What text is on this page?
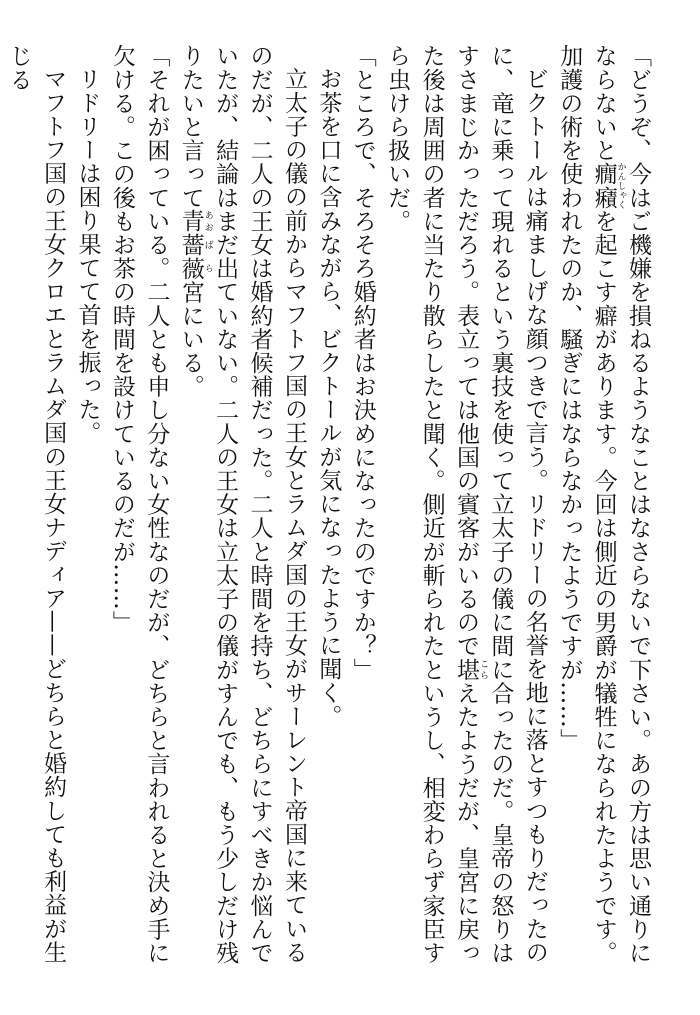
「どうぞ、今はご機嫌を損ねるようなことはなさらないで下さい。あの方は思い通りにならないと癇癪 かんしゃくを起こす癖があります。今回は側近の男爵が犠牲になられたようです。加護の術を使われたのか、騒ぎにはならなかったようですが……」

ビクトールは痛ましげな顔つきで言う。リドリーの名誉を地に落とすつもりだったのに、竜に乗って現れるという裏技を使って立太子の儀に間に合ったのだ。皇帝の怒りはすさまじかっただろう。表立っては他国の賓客がいるので堪 こらえたようだが、皇宮に戻った後は周囲の者に当たり散らしたと聞く。側近が斬られたというし、相変わらず家臣すら虫けら扱いだ。

「ところで、そろそろ婚約者はお決めになったのですか？」

お茶を口に含みながら、ビクトールが気になったように聞く。

立太子の儀の前からマフトフ国の王女とラムダ国の王女がサーレント帝国に来ているのだが、二人の王女は婚約者候補だった。二人と時間を持ち、どちらにすべきか悩んでいたが、結論はまだ出ていない。二人の王女は立太子の儀がすんでも、もう少しだけ残りたいと言って青 あお薔薇 ばら宮にいる。

「それが困っている。二人とも申し分ない女性なのだが、どちらと言われると決め手に欠ける。この後もお茶の時間を設けているのだが……」

リドリーは困り果てて首を振った。

マフトフ国の王女クロエとラムダ国の王女ナディア——どちらと婚約しても利益が生じる
